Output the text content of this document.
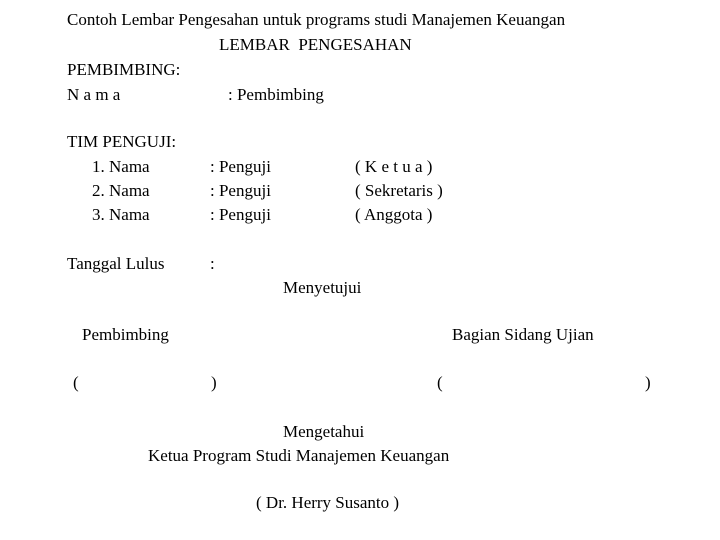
Contoh Lembar Pengesahan untuk programs studi Manajemen Keuangan
LEMBAR  PENGESAHAN
PEMBIMBING:
N a m a	: Pembimbing
TIM PENGUJI:
1. Nama	: Penguji	( K e t u a )
2. Nama	: Penguji	( Sekretaris )
3. Nama	: Penguji	( Anggota )
Tanggal Lulus	:
Menyetujui
Pembimbing	Bagian Sidang Ujian
(	)	(	)
Mengetahui
Ketua Program Studi Manajemen Keuangan
( Dr. Herry Susanto )
